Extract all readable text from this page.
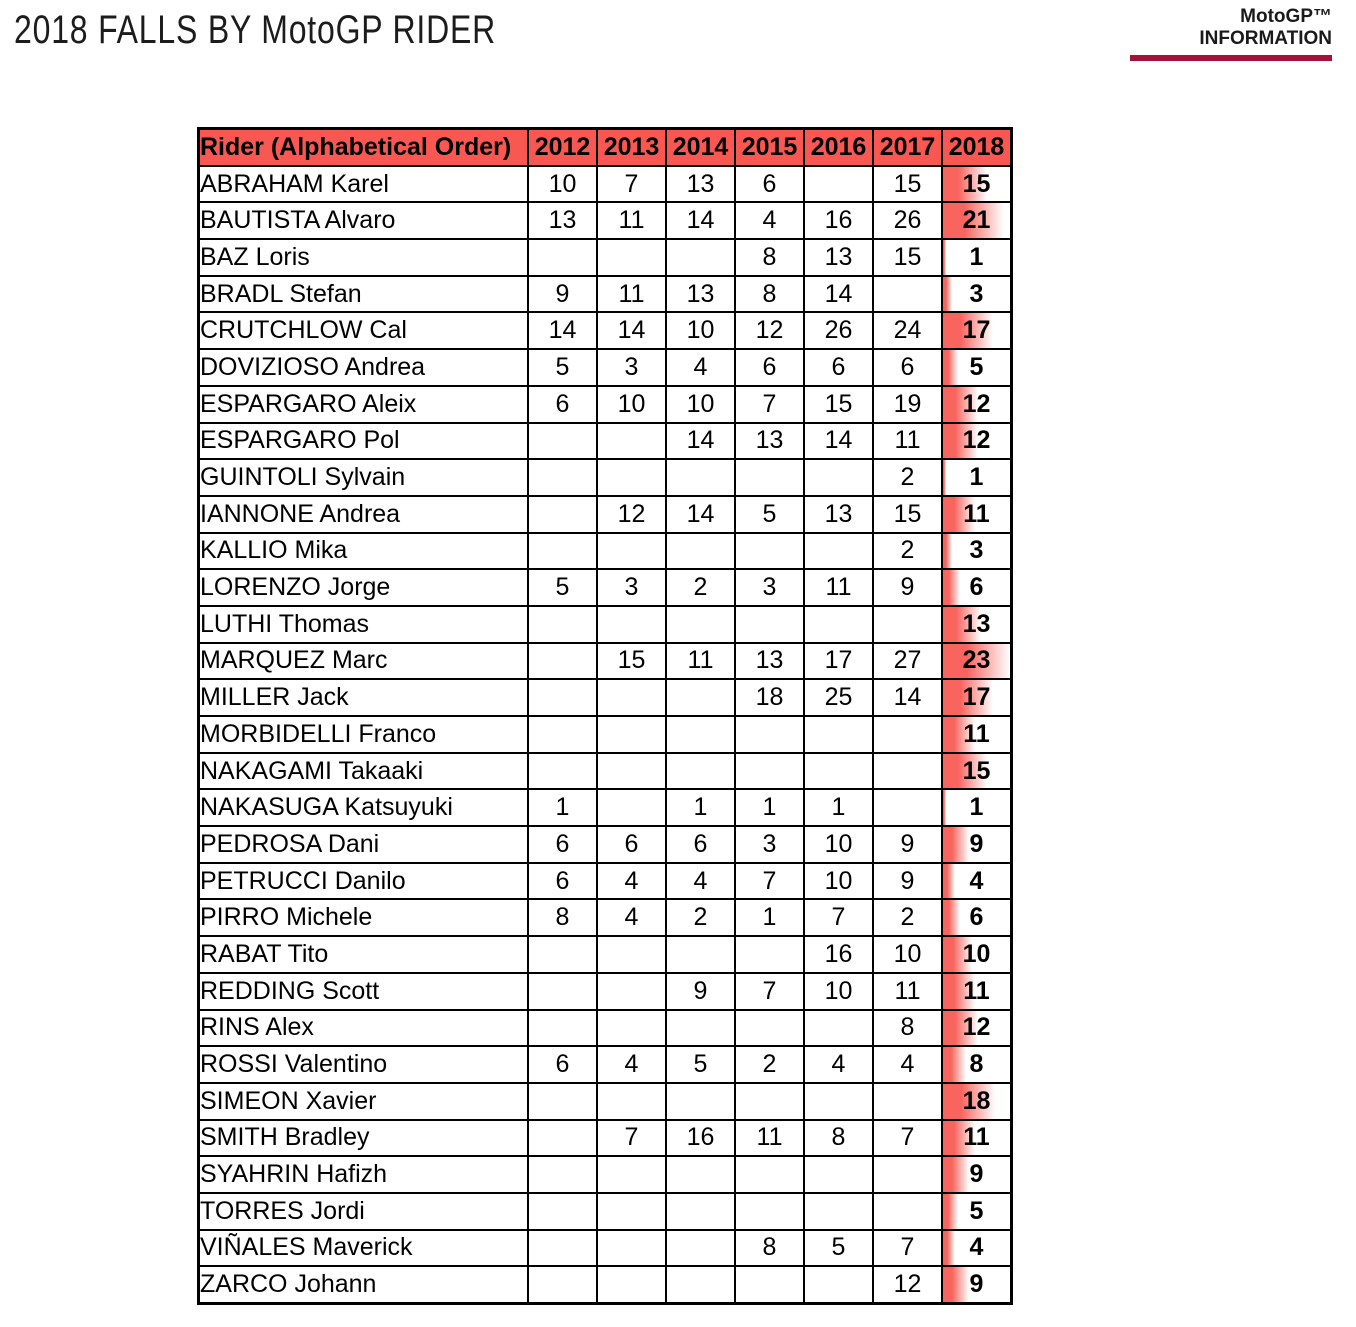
2018 FALLS BY MotoGP RIDER	MotoGP™
INFORMATION
Rider (Alphabetical Order)	2012	2013	2014	2015	2016	2017	2018
ABRAHAM Karel	10	7	13	6		15	15
BAUTISTA Alvaro	13	11	14	4	16	26	21
BAZ Loris				8	13	15	1
BRADL Stefan	9	11	13	8	14		3
CRUTCHLOW Cal	14	14	10	12	26	24	17
DOVIZIOSO Andrea	5	3	4	6	6	6	5
ESPARGARO Aleix	6	10	10	7	15	19	12
ESPARGARO Pol			14	13	14	11	12
GUINTOLI Sylvain						2	1
IANNONE Andrea		12	14	5	13	15	11
KALLIO Mika						2	3
LORENZO Jorge	5	3	2	3	11	9	6
LUTHI Thomas							13
MARQUEZ Marc		15	11	13	17	27	23
MILLER Jack				18	25	14	17
MORBIDELLI Franco							11
NAKAGAMI Takaaki							15
NAKASUGA Katsuyuki	1		1	1	1		1
PEDROSA Dani	6	6	6	3	10	9	9
PETRUCCI Danilo	6	4	4	7	10	9	4
PIRRO Michele	8	4	2	1	7	2	6
RABAT Tito					16	10	10
REDDING Scott			9	7	10	11	11
RINS Alex						8	12
ROSSI Valentino	6	4	5	2	4	4	8
SIMEON Xavier							18
SMITH Bradley		7	16	11	8	7	11
SYAHRIN Hafizh							9
TORRES Jordi							5
VIÑALES Maverick				8	5	7	4
ZARCO Johann						12	9
